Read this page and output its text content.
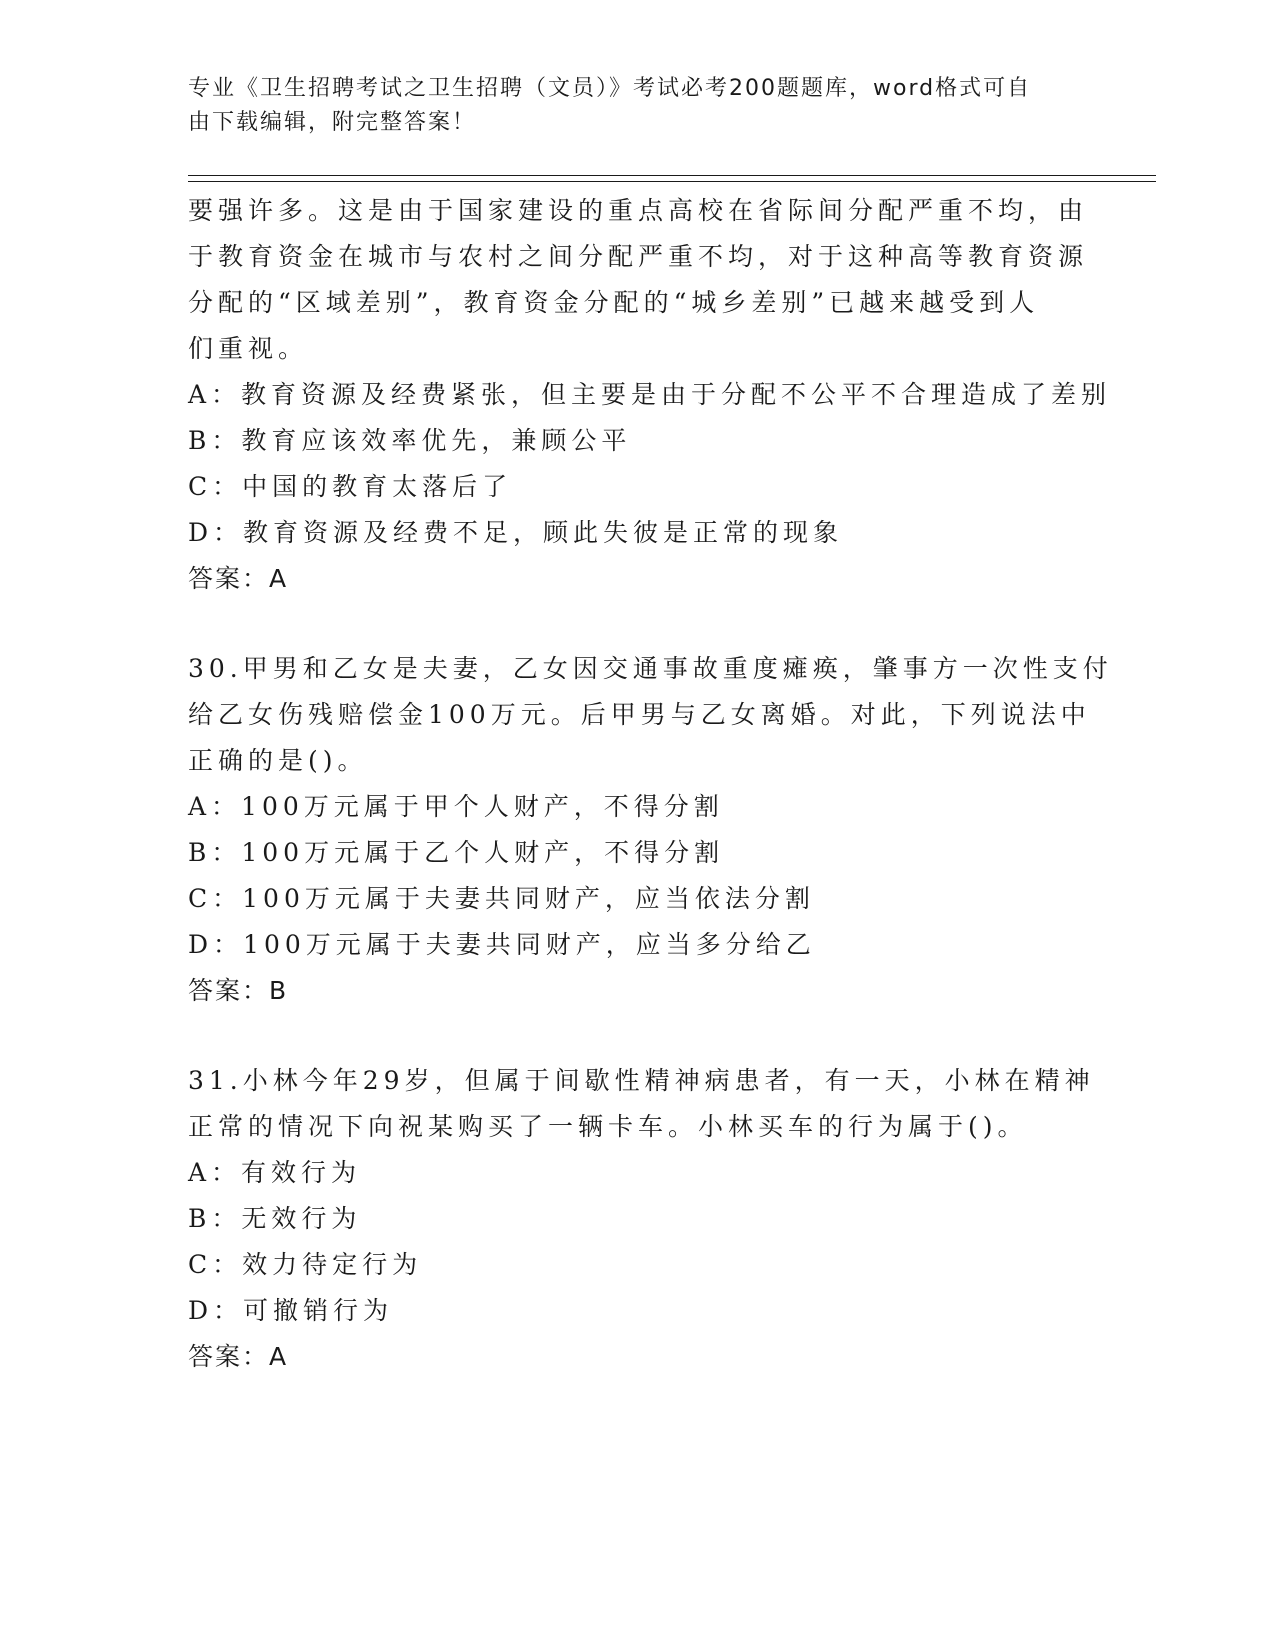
专业《卫生招聘考试之卫生招聘（文员）》考试必考200题题库，word格式可自
由下载编辑，附完整答案！
要强许多。这是由于国家建设的重点高校在省际间分配严重不均，由
于教育资金在城市与农村之间分配严重不均，对于这种高等教育资源
分配的“区域差别”，教育资金分配的“城乡差别”已越来越受到人
们重视。
A：教育资源及经费紧张，但主要是由于分配不公平不合理造成了差别
B：教育应该效率优先，兼顾公平
C：中国的教育太落后了
D：教育资源及经费不足，顾此失彼是正常的现象
答案：A
30.甲男和乙女是夫妻，乙女因交通事故重度瘫痪，肇事方一次性支付
给乙女伤残赔偿金100万元。后甲男与乙女离婚。对此，下列说法中
正确的是()。
A：100万元属于甲个人财产，不得分割
B：100万元属于乙个人财产，不得分割
C：100万元属于夫妻共同财产，应当依法分割
D：100万元属于夫妻共同财产，应当多分给乙
答案：B
31.小林今年29岁，但属于间歇性精神病患者，有一天，小林在精神
正常的情况下向祝某购买了一辆卡车。小林买车的行为属于()。
A：有效行为
B：无效行为
C：效力待定行为
D：可撤销行为
答案：A
